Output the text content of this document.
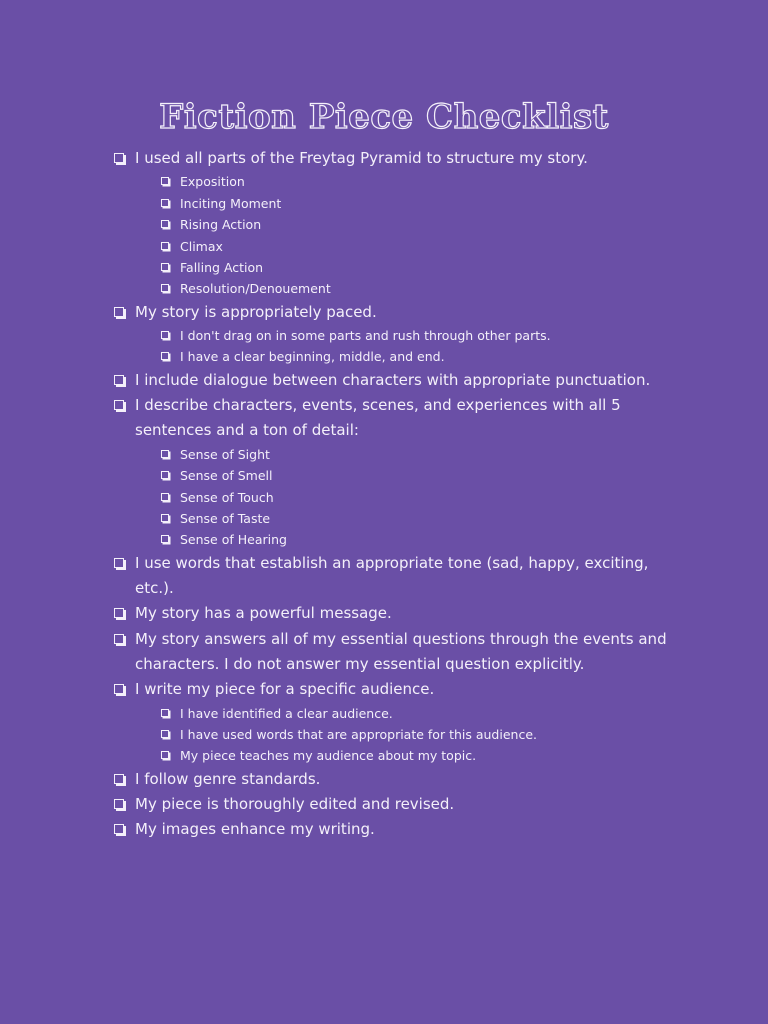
Fiction Piece Checklist
I used all parts of the Freytag Pyramid to structure my story.
Exposition
Inciting Moment
Rising Action
Climax
Falling Action
Resolution/Denouement
My story is appropriately paced.
I don't drag on in some parts and rush through other parts.
I have a clear beginning, middle, and end.
I include dialogue between characters with appropriate punctuation.
I describe characters, events, scenes, and experiences with all 5 sentences and a ton of detail:
Sense of Sight
Sense of Smell
Sense of Touch
Sense of Taste
Sense of Hearing
I use words that establish an appropriate tone (sad, happy, exciting, etc.).
My story has a powerful message.
My story answers all of my essential questions through the events and characters. I do not answer my essential question explicitly.
I write my piece for a specific audience.
I have identified a clear audience.
I have used words that are appropriate for this audience.
My piece teaches my audience about my topic.
I follow genre standards.
My piece is thoroughly edited and revised.
My images enhance my writing.
